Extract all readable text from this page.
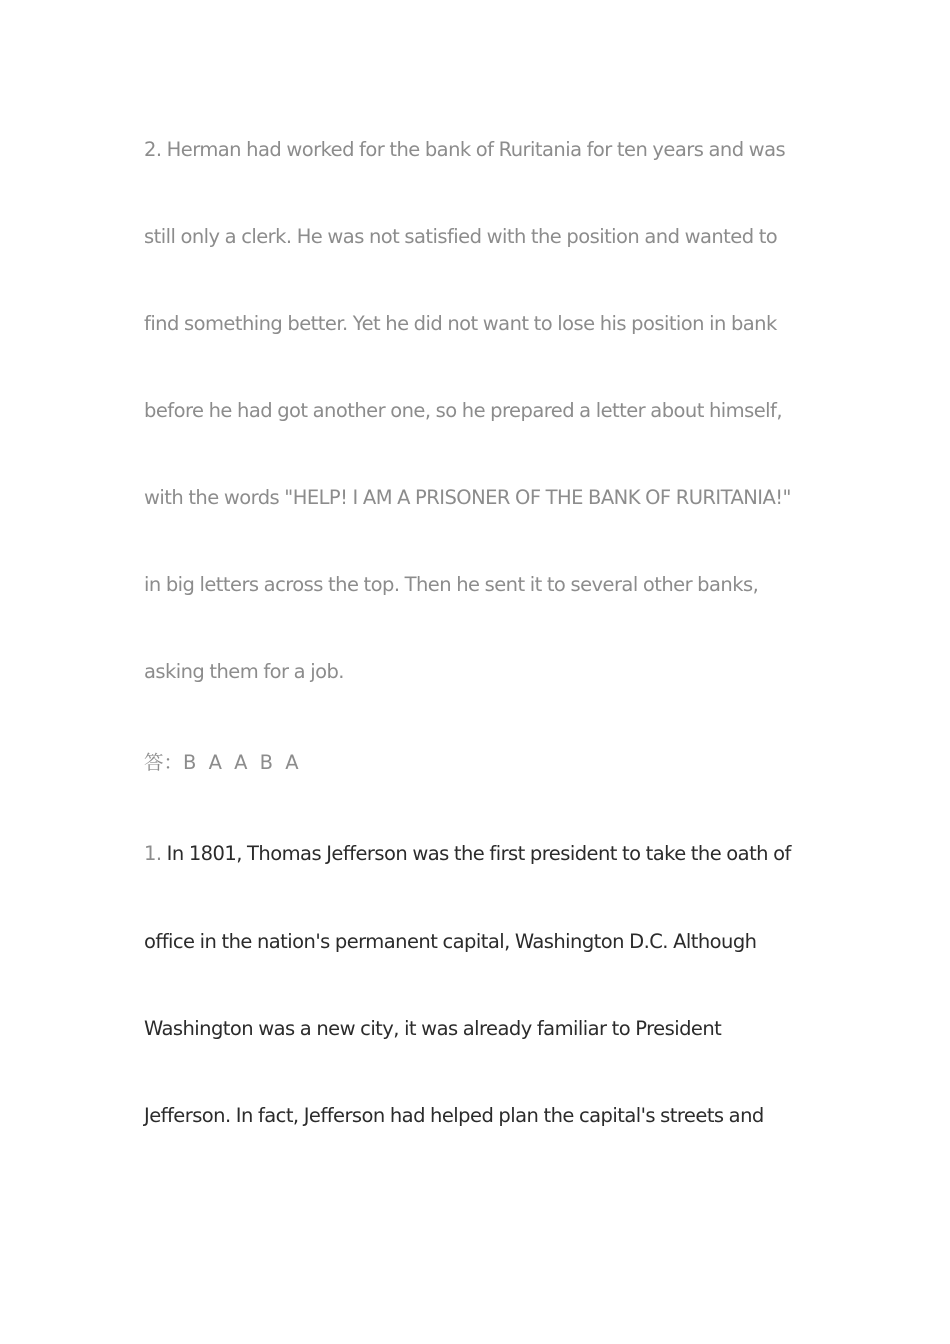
2. Herman had worked for the bank of Ruritania for ten years and was
still only a clerk. He was not satisfied with the position and wanted to
find something better. Yet he did not want to lose his position in bank
before he had got another one, so he prepared a letter about himself,
with the words "HELP! I AM A PRISONER OF THE BANK OF RURITANIA!"
in big letters across the top. Then he sent it to several other banks,
asking them for a job.
答：B A A B A
1. In 1801, Thomas Jefferson was the first president to take the oath of
office in the nation's permanent capital, Washington D.C. Although
Washington was a new city, it was already familiar to President
Jefferson. In fact, Jefferson had helped plan the capital's streets and
